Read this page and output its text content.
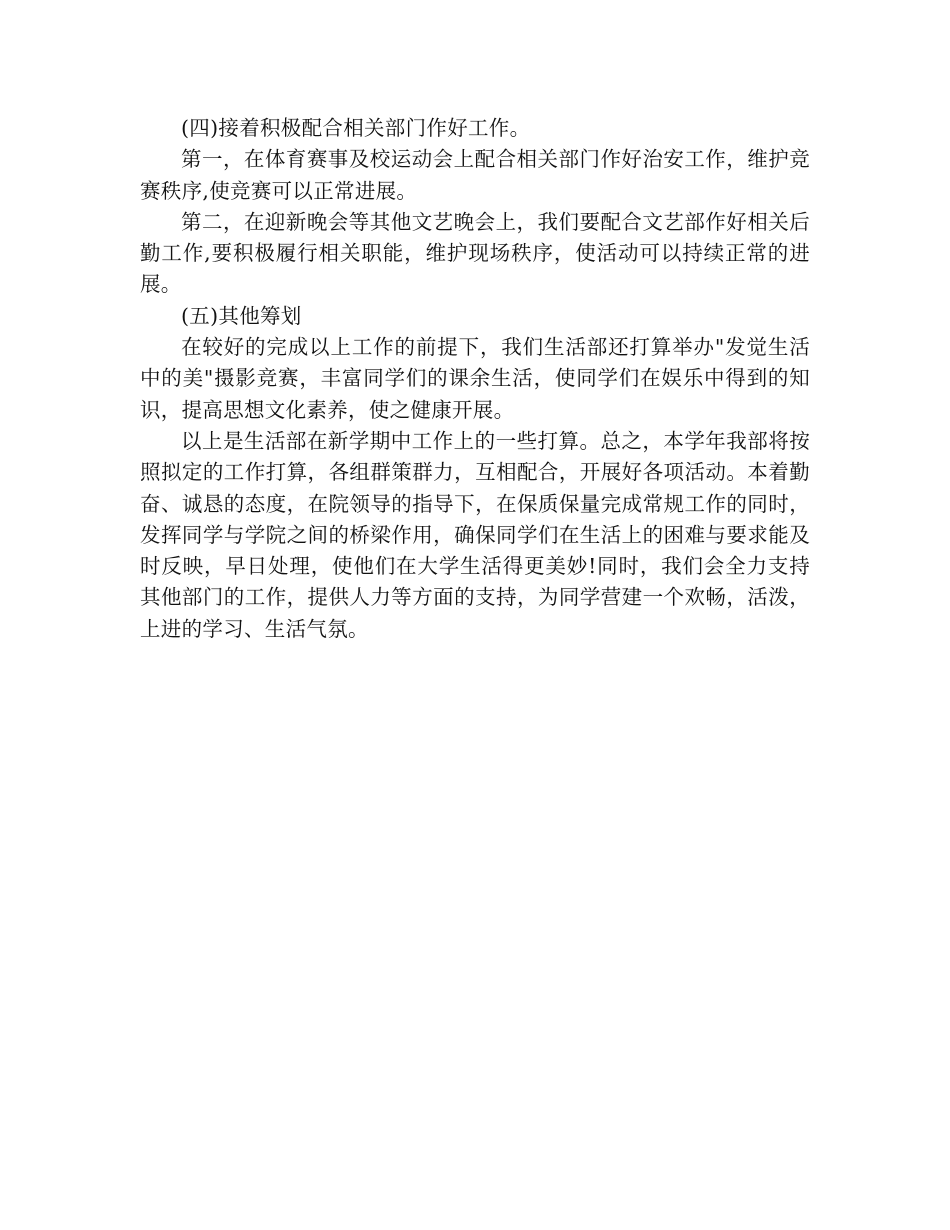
(四)接着积极配合相关部门作好工作。

第一，在体育赛事及校运动会上配合相关部门作好治安工作，维护竞赛秩序,使竞赛可以正常进展。

第二，在迎新晚会等其他文艺晚会上，我们要配合文艺部作好相关后勤工作,要积极履行相关职能，维护现场秩序，使活动可以持续正常的进展。

(五)其他筹划

在较好的完成以上工作的前提下，我们生活部还打算举办"发觉生活中的美"摄影竞赛，丰富同学们的课余生活，使同学们在娱乐中得到的知识，提高思想文化素养，使之健康开展。

以上是生活部在新学期中工作上的一些打算。总之，本学年我部将按照拟定的工作打算，各组群策群力，互相配合，开展好各项活动。本着勤奋、诚恳的态度，在院领导的指导下，在保质保量完成常规工作的同时，发挥同学与学院之间的桥梁作用，确保同学们在生活上的困难与要求能及时反映，早日处理，使他们在大学生活得更美妙!同时，我们会全力支持其他部门的工作，提供人力等方面的支持，为同学营建一个欢畅，活泼，上进的学习、生活气氛。
